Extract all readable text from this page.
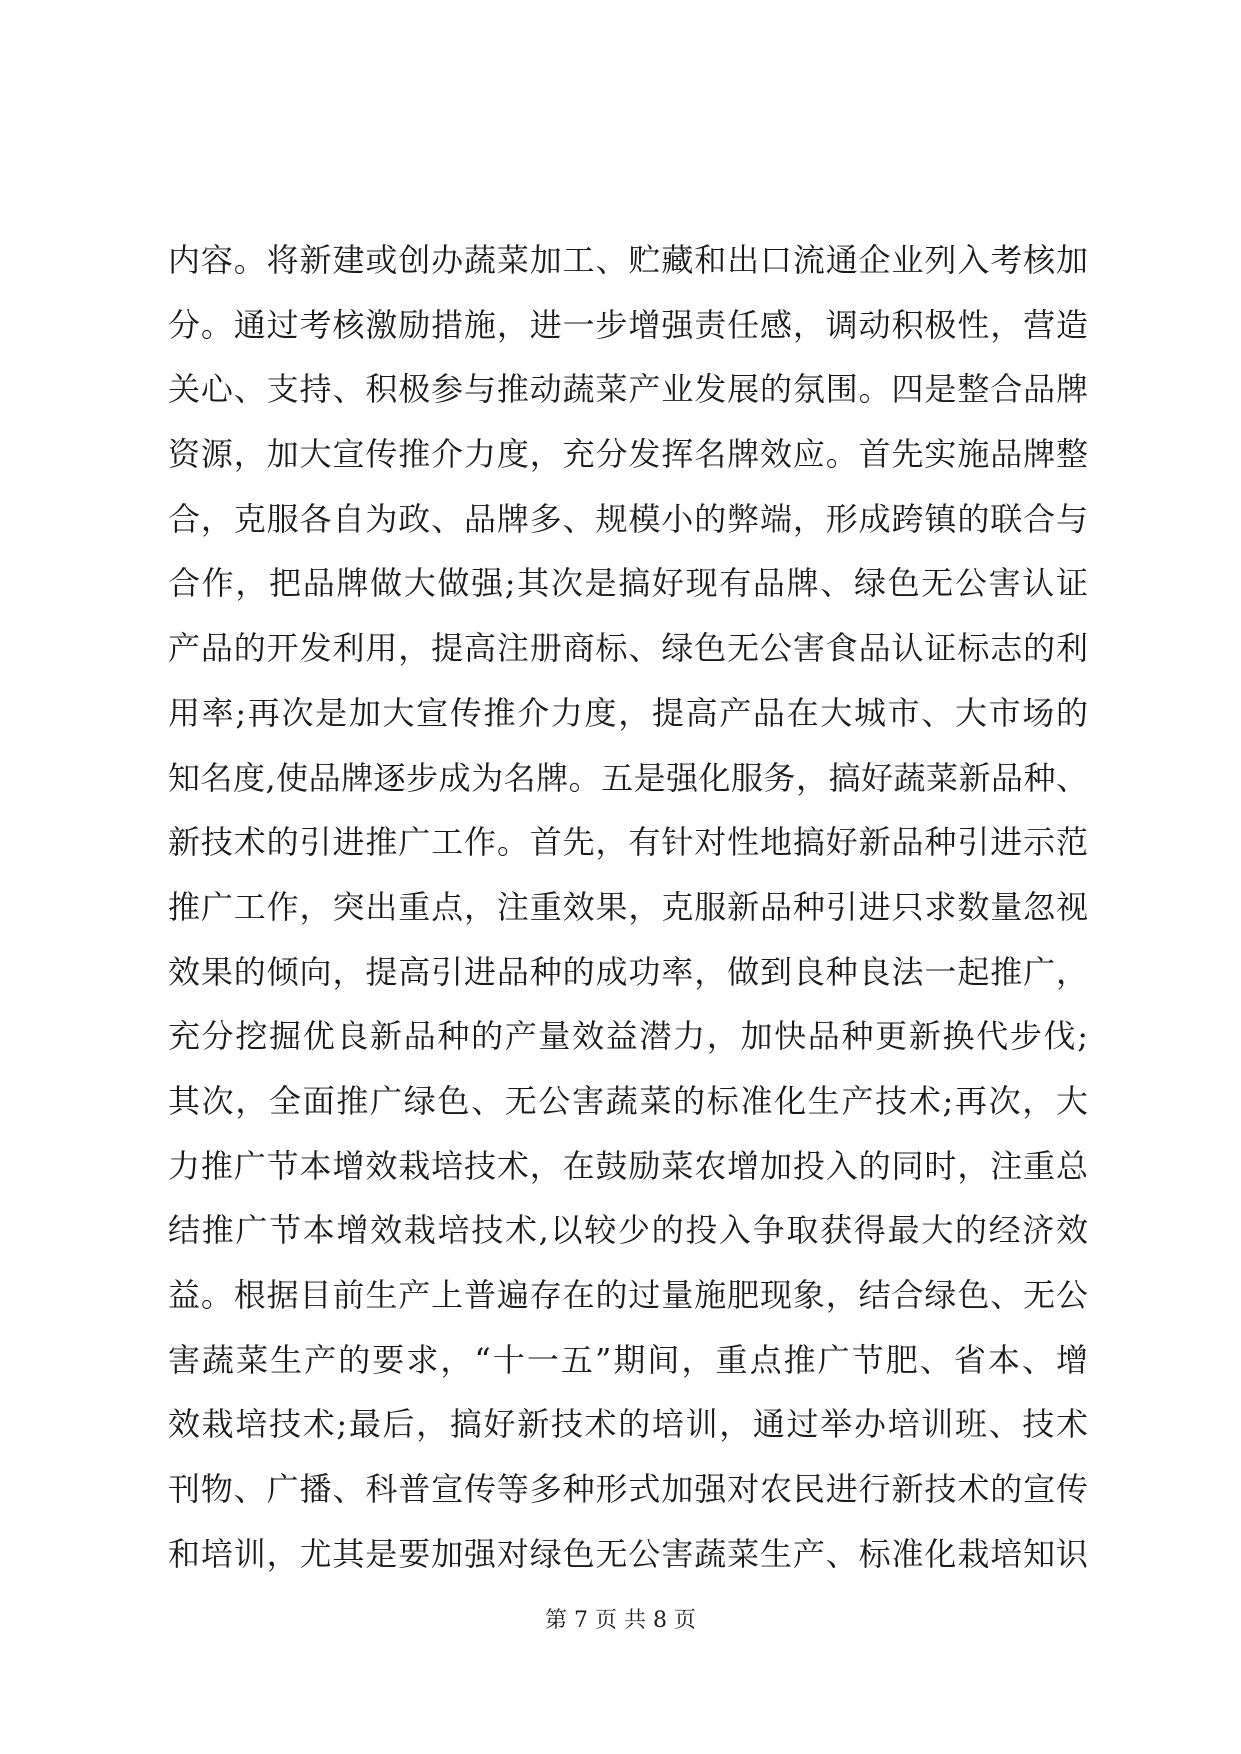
内容。将新建或创办蔬菜加工、贮藏和出口流通企业列入考核加
分。通过考核激励措施，进一步增强责任感，调动积极性，营造
关心、支持、积极参与推动蔬菜产业发展的氛围。四是整合品牌
资源，加大宣传推介力度，充分发挥名牌效应。首先实施品牌整
合，克服各自为政、品牌多、规模小的弊端，形成跨镇的联合与
合作，把品牌做大做强;其次是搞好现有品牌、绿色无公害认证
产品的开发利用，提高注册商标、绿色无公害食品认证标志的利
用率;再次是加大宣传推介力度，提高产品在大城市、大市场的
知名度,使品牌逐步成为名牌。五是强化服务，搞好蔬菜新品种、
新技术的引进推广工作。首先，有针对性地搞好新品种引进示范
推广工作，突出重点，注重效果，克服新品种引进只求数量忽视
效果的倾向，提高引进品种的成功率，做到良种良法一起推广，
充分挖掘优良新品种的产量效益潜力，加快品种更新换代步伐;
其次，全面推广绿色、无公害蔬菜的标准化生产技术;再次，大
力推广节本增效栽培技术，在鼓励菜农增加投入的同时，注重总
结推广节本增效栽培技术,以较少的投入争取获得最大的经济效
益。根据目前生产上普遍存在的过量施肥现象，结合绿色、无公
害蔬菜生产的要求，“十一五”期间，重点推广节肥、省本、增
效栽培技术;最后，搞好新技术的培训，通过举办培训班、技术
刊物、广播、科普宣传等多种形式加强对农民进行新技术的宣传
和培训，尤其是要加强对绿色无公害蔬菜生产、标准化栽培知识
第 7 页 共 8 页
